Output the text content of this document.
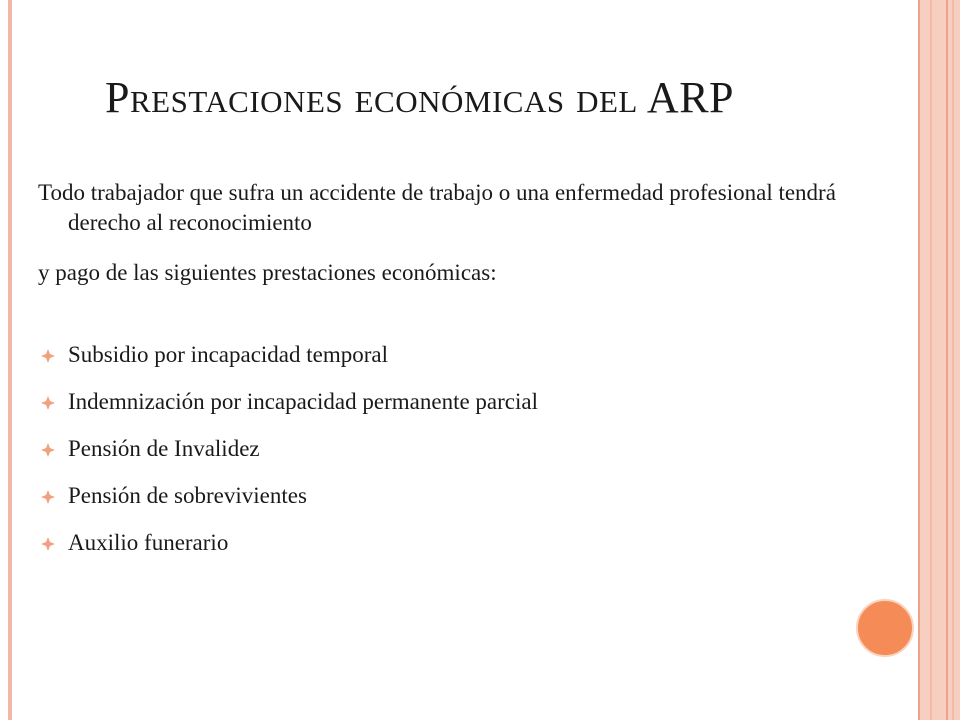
Prestaciones económicas del ARP

Todo trabajador que sufra un accidente de trabajo o una enfermedad profesional tendrá derecho al reconocimiento

y pago de las siguientes prestaciones económicas:

Subsidio por incapacidad temporal
Indemnización por incapacidad permanente parcial
Pensión de Invalidez
Pensión de sobrevivientes
Auxilio funerario
